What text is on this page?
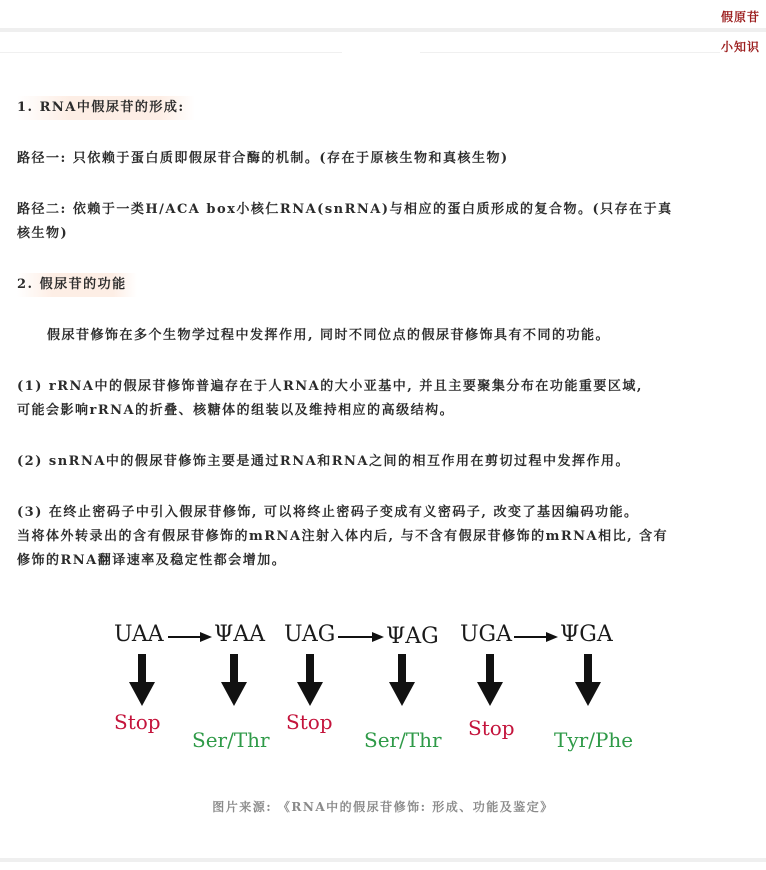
假原苷
小知识
1. RNA中假尿苷的形成:

路径一: 只依赖于蛋白质即假尿苷合酶的机制。(存在于原核生物和真核生物)

路径二: 依赖于一类H/ACA box小核仁RNA(snRNA)与相应的蛋白质形成的复合物。(只存在于真

核生物)

2. 假尿苷的功能

假尿苷修饰在多个生物学过程中发挥作用, 同时不同位点的假尿苷修饰具有不同的功能。

(1) rRNA中的假尿苷修饰普遍存在于人RNA的大小亚基中, 并且主要聚集分布在功能重要区域,

可能会影响rRNA的折叠、核糖体的组装以及维持相应的高级结构。

(2) snRNA中的假尿苷修饰主要是通过RNA和RNA之间的相互作用在剪切过程中发挥作用。

(3) 在终止密码子中引入假尿苷修饰, 可以将终止密码子变成有义密码子, 改变了基因编码功能。

当将体外转录出的含有假尿苷修饰的mRNA注射入体内后, 与不含有假尿苷修饰的mRNA相比, 含有

修饰的RNA翻译速率及稳定性都会增加。

UAA ΨAA UAG ΨAG UGA ΨGA
Stop
Ser/Thr
Stop
Ser/Thr Stop Tyr/Phe
图片来源: 《RNA中的假尿苷修饰: 形成、功能及鉴定》
